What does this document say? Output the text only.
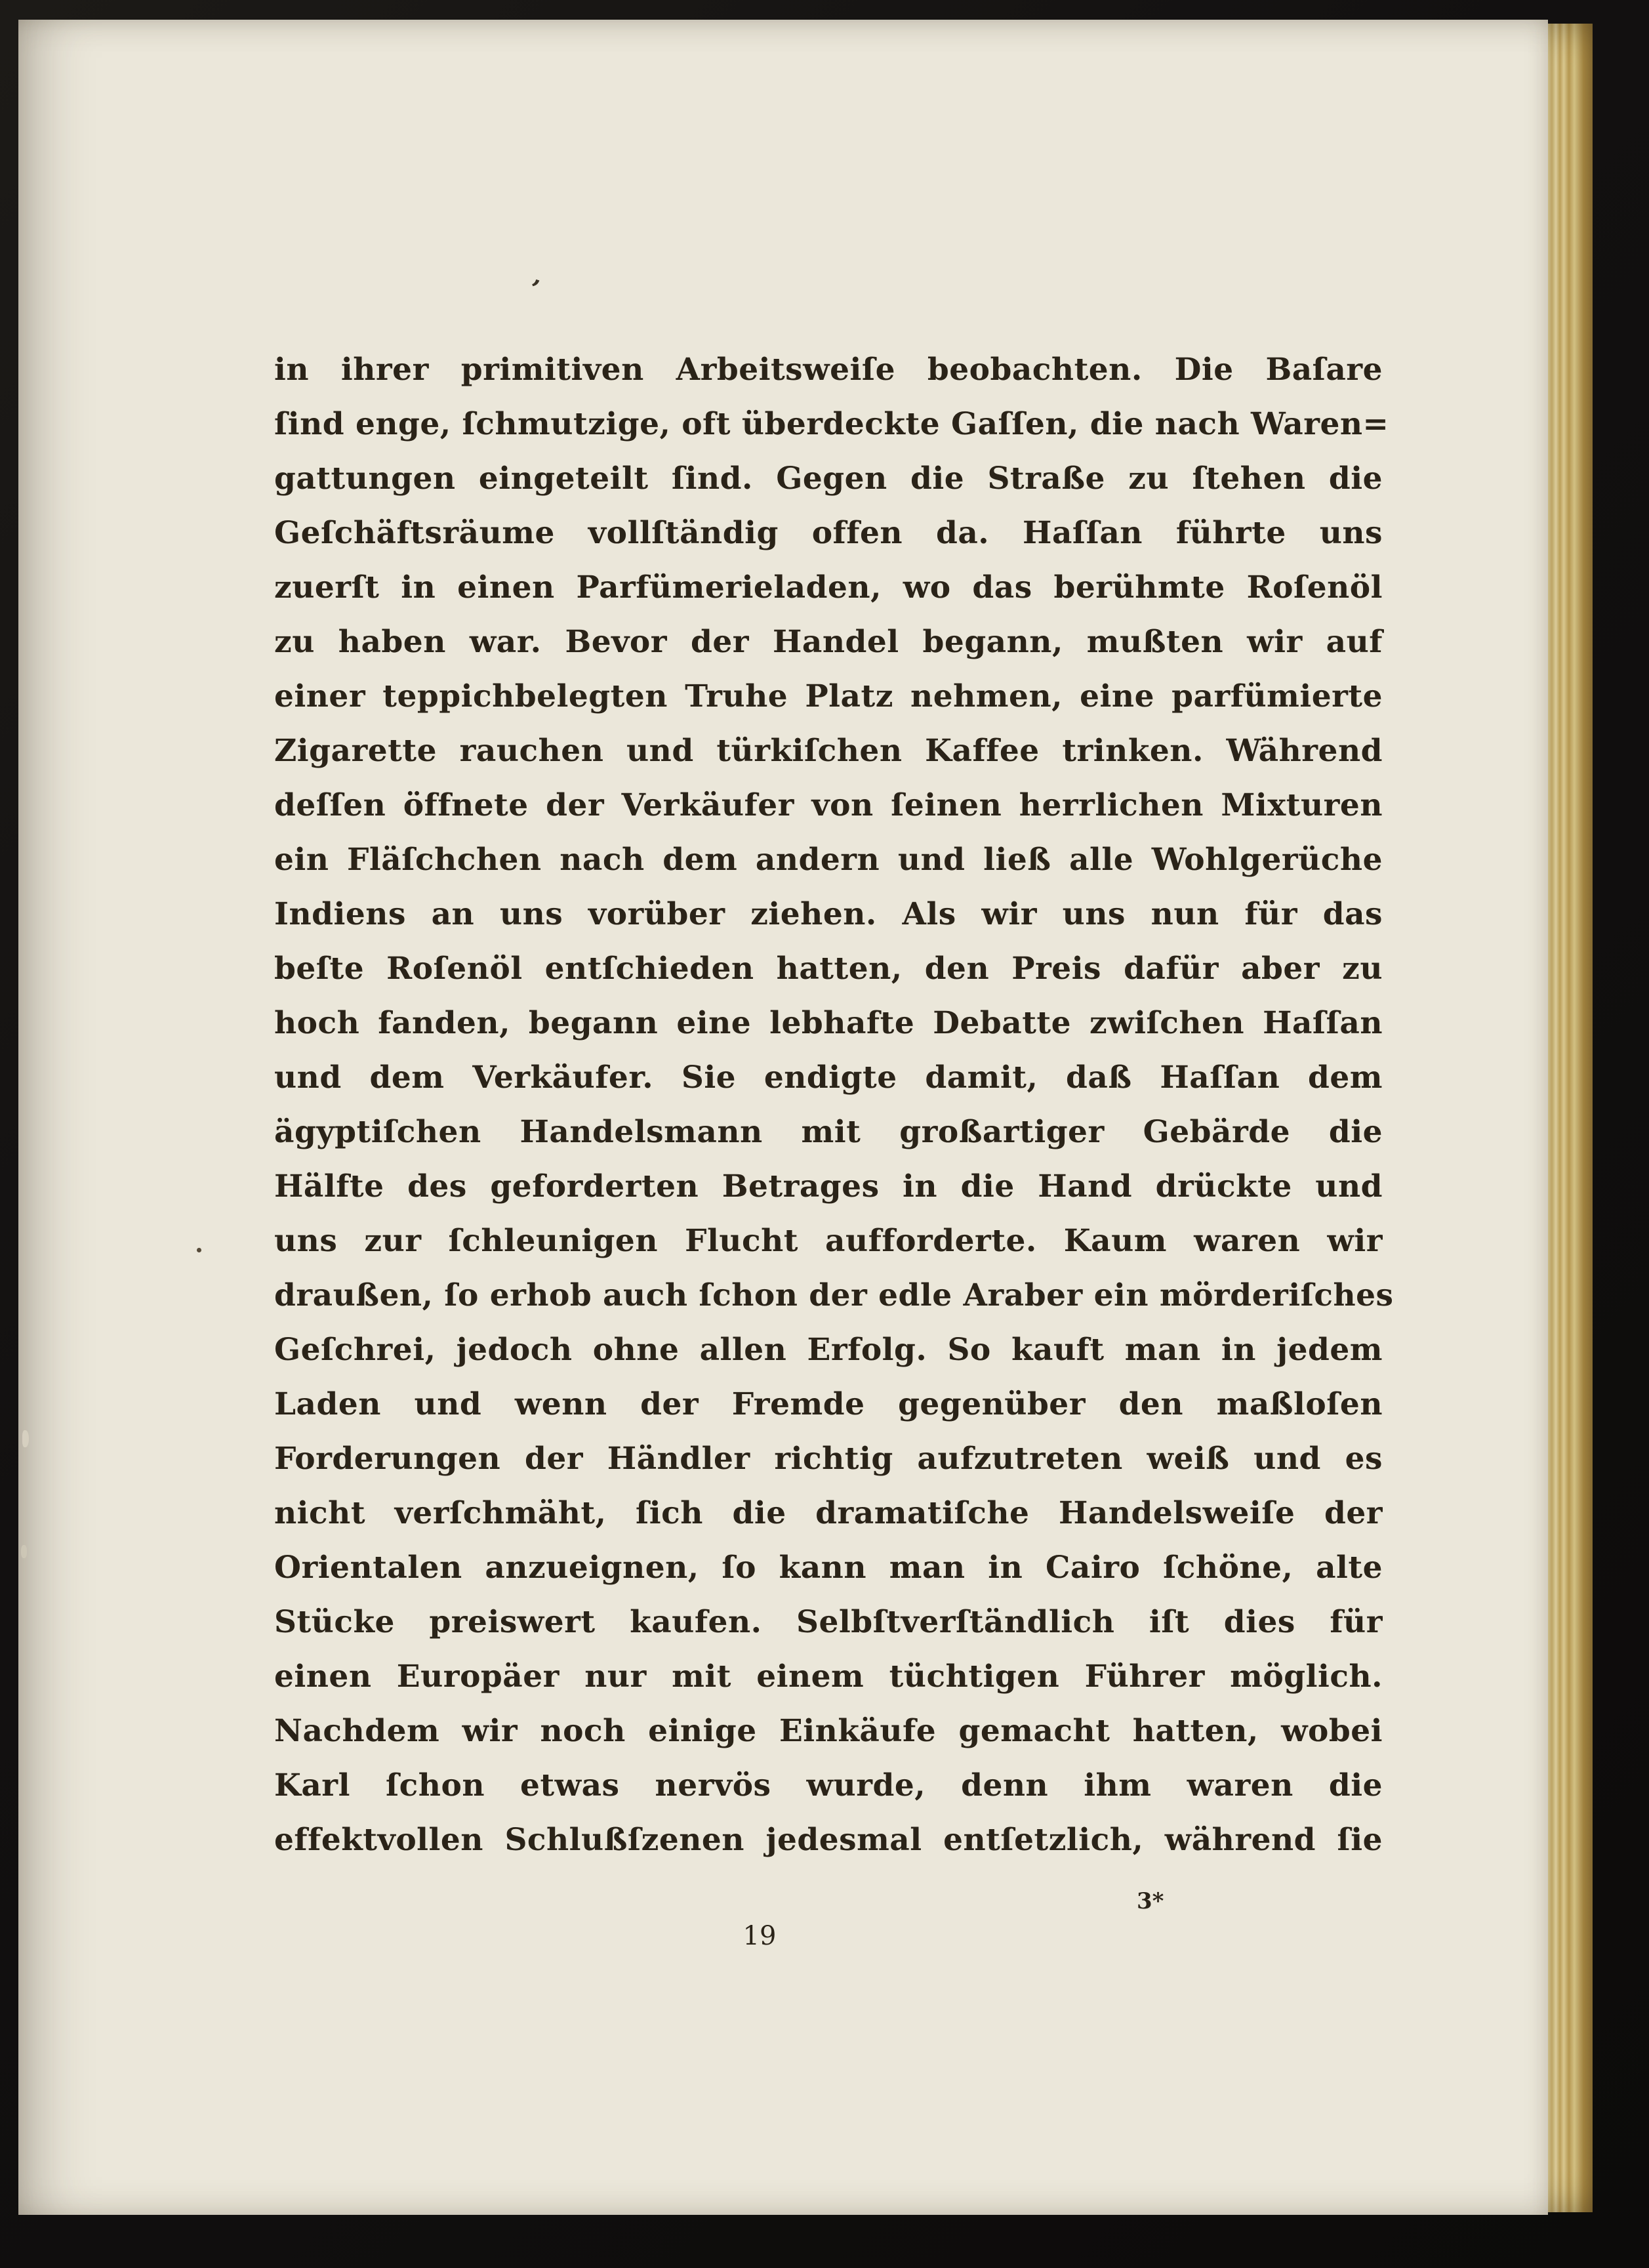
ʼ
in ihrer primitiven Arbeitsweiſe beobachten. Die Baſare
ſind enge, ſchmutzige, oft überdeckte Gaſſen, die nach Waren=
gattungen eingeteilt ſind. Gegen die Straße zu ſtehen die
Geſchäftsräume vollſtändig offen da. Haſſan führte uns
zuerſt in einen Parfümerieladen, wo das berühmte Roſenöl
zu haben war. Bevor der Handel begann, mußten wir auf
einer teppichbelegten Truhe Platz nehmen, eine parfümierte
Zigarette rauchen und türkiſchen Kaffee trinken. Während
deſſen öffnete der Verkäufer von ſeinen herrlichen Mixturen
ein Fläſchchen nach dem andern und ließ alle Wohlgerüche
Indiens an uns vorüber ziehen. Als wir uns nun für das
beſte Roſenöl entſchieden hatten, den Preis dafür aber zu
hoch fanden, begann eine lebhafte Debatte zwiſchen Haſſan
und dem Verkäufer. Sie endigte damit, daß Haſſan dem
ägyptiſchen Handelsmann mit großartiger Gebärde die
Hälfte des geforderten Betrages in die Hand drückte und
uns zur ſchleunigen Flucht aufforderte. Kaum waren wir
draußen, ſo erhob auch ſchon der edle Araber ein mörderiſches
Geſchrei, jedoch ohne allen Erfolg. So kauft man in jedem
Laden und wenn der Fremde gegenüber den maßloſen
Forderungen der Händler richtig aufzutreten weiß und es
nicht verſchmäht, ſich die dramatiſche Handelsweiſe der
Orientalen anzueignen, ſo kann man in Cairo ſchöne, alte
Stücke preiswert kaufen. Selbſtverſtändlich iſt dies für
einen Europäer nur mit einem tüchtigen Führer möglich.
Nachdem wir noch einige Einkäufe gemacht hatten, wobei
Karl ſchon etwas nervös wurde, denn ihm waren die
effektvollen Schlußſzenen jedesmal entſetzlich, während ſie
3*
19
